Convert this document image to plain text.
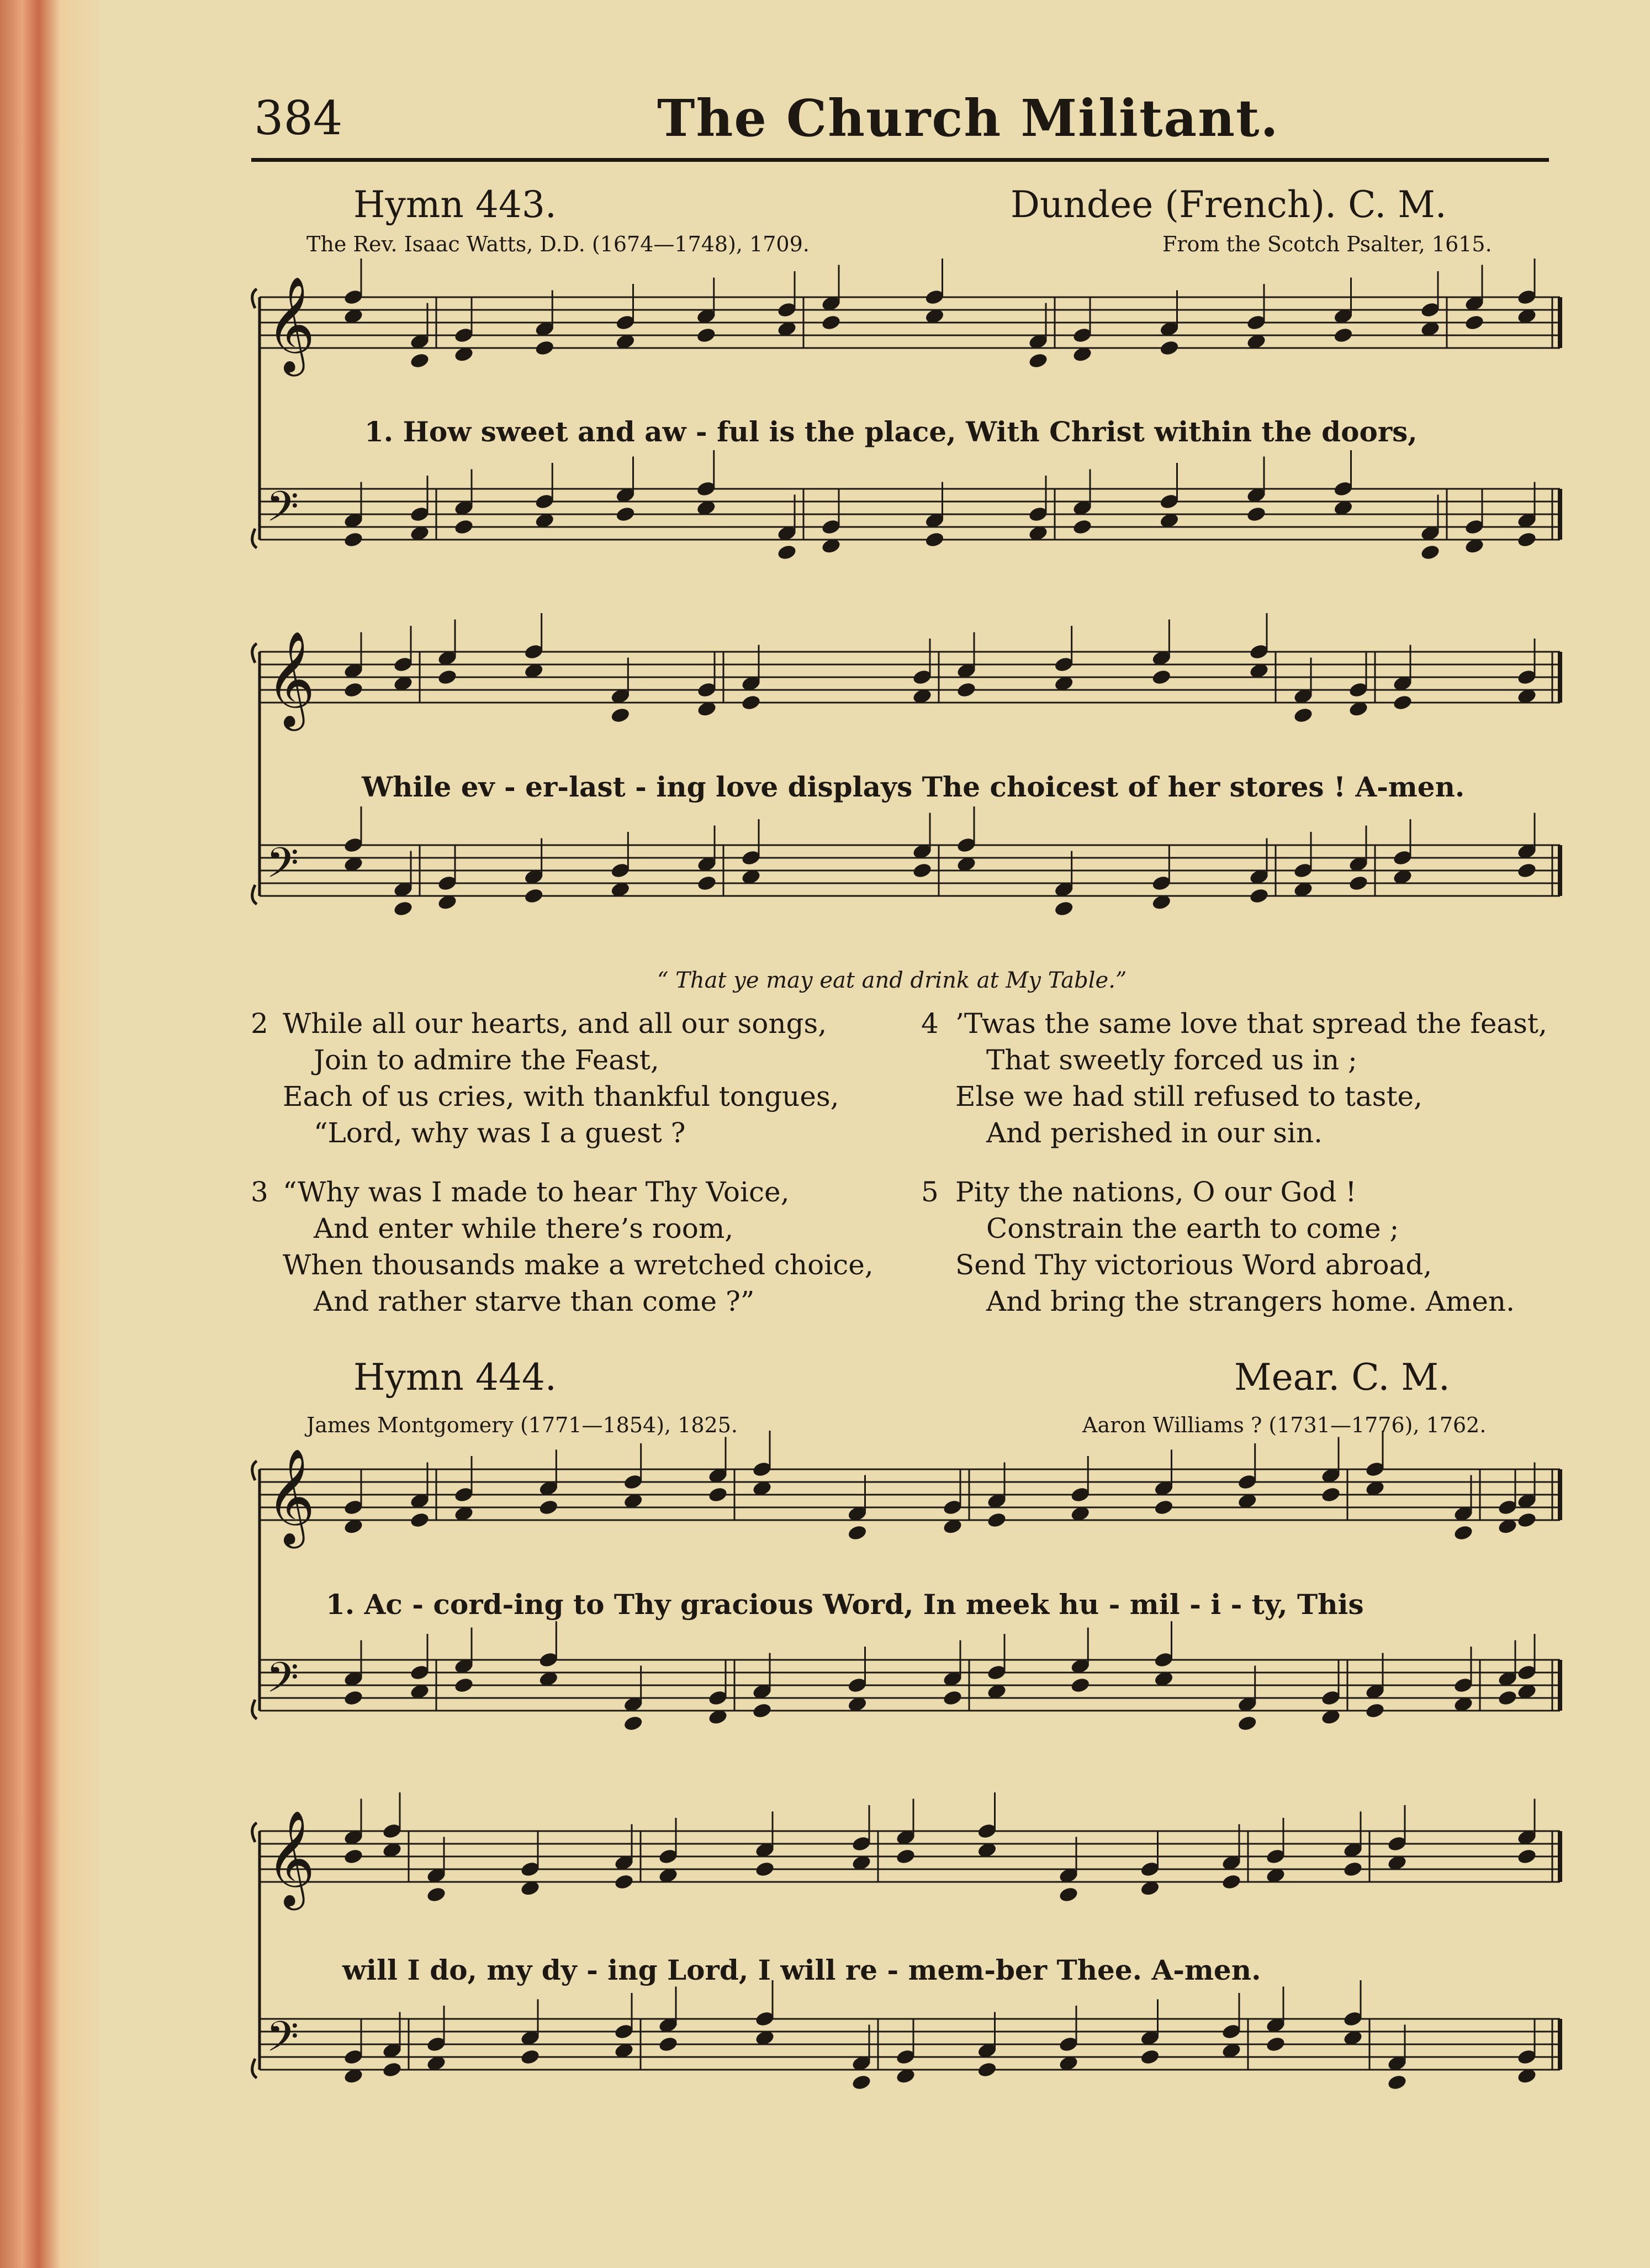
384	The Church Militant.
Hymn 443.	Dundee (French). C. M.
The Rev. Isaac Watts, D.D. (1674—1748), 1709.	From the Scotch Psalter, 1615.
𝄞
𝄢
𝄞
𝄢
𝄞
𝄢
𝄞
𝄢
1. How sweet and aw - ful is the place, With Christ within the doors,
While ev - er-last - ing love displays The choicest of her stores ! A-men.
“ That ye may eat and drink at My Table.”
2 While all our hearts, and all our songs,
Join to admire the Feast,
Each of us cries, with thankful tongues,
“Lord, why was I a guest ?
3 “Why was I made to hear Thy Voice,
And enter while there’s room,
When thousands make a wretched choice,
And rather starve than come ?”
4 ’Twas the same love that spread the feast,
That sweetly forced us in ;
Else we had still refused to taste,
And perished in our sin.
5 Pity the nations, O our God !
Constrain the earth to come ;
Send Thy victorious Word abroad,
And bring the strangers home. Amen.
Hymn 444.	Mear. C. M.
James Montgomery (1771—1854), 1825.	Aaron Williams ? (1731—1776), 1762.
1. Ac - cord-ing to Thy gracious Word, In meek hu - mil - i - ty, This
will I do, my dy - ing Lord, I will re - mem-ber Thee. A-men.
